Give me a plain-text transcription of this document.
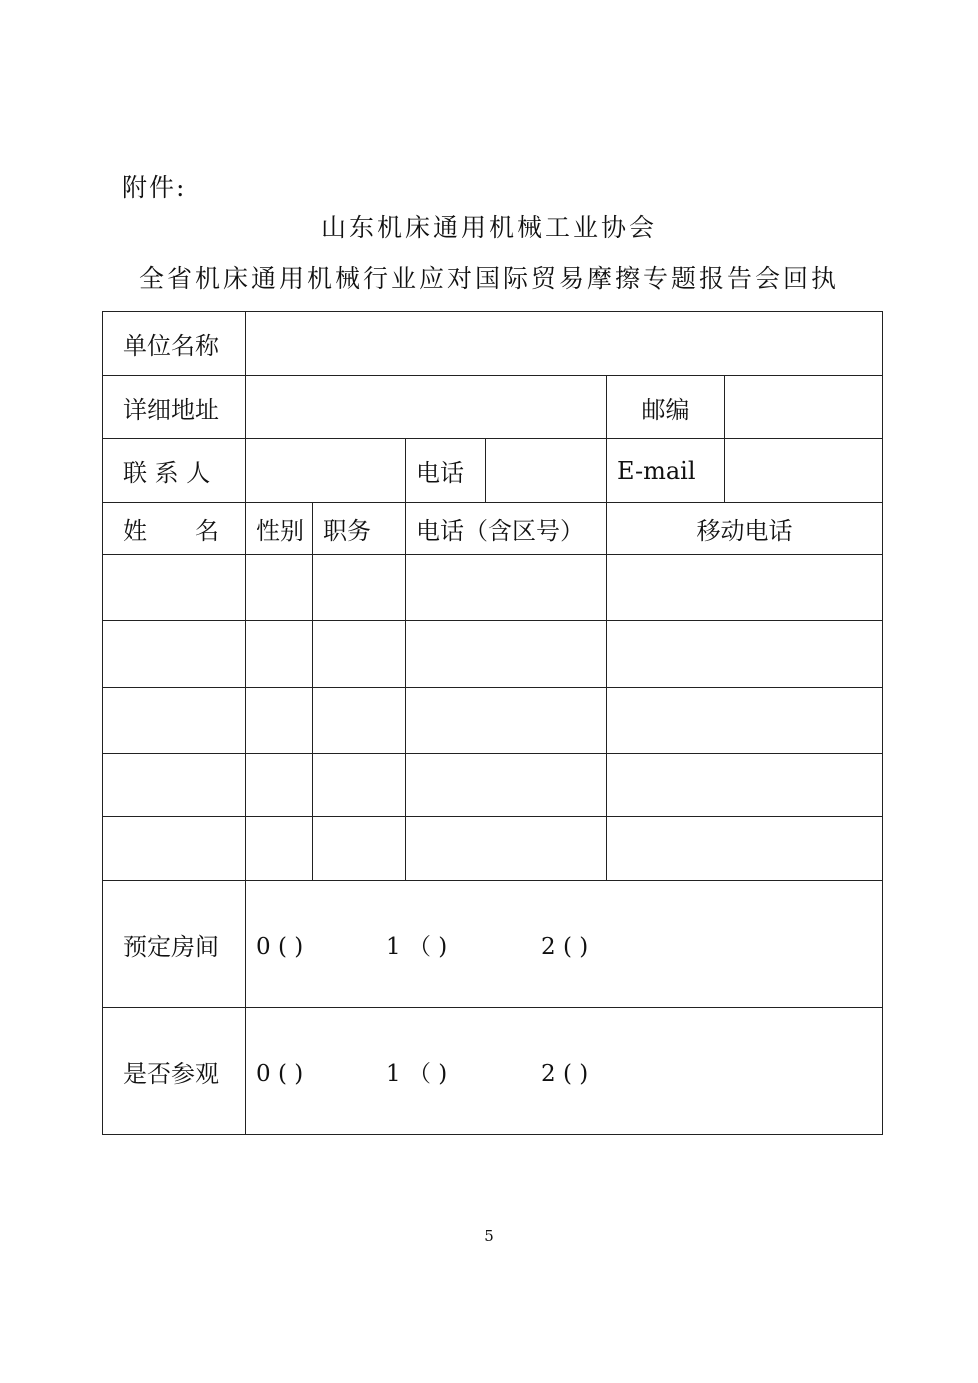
附件:
山东机床通用机械工业协会
全省机床通用机械行业应对国际贸易摩擦专题报告会回执
单位名称						
详细地址					邮编	
联 系 人			电话		E-mail	
姓　　名	性别	职务	电话（含区号）		移动电话	

预定房间	0 ( ) 1 （ ) 2 ( )					
是否参观	0 ( ) 1 （ ) 2 ( )					
5
